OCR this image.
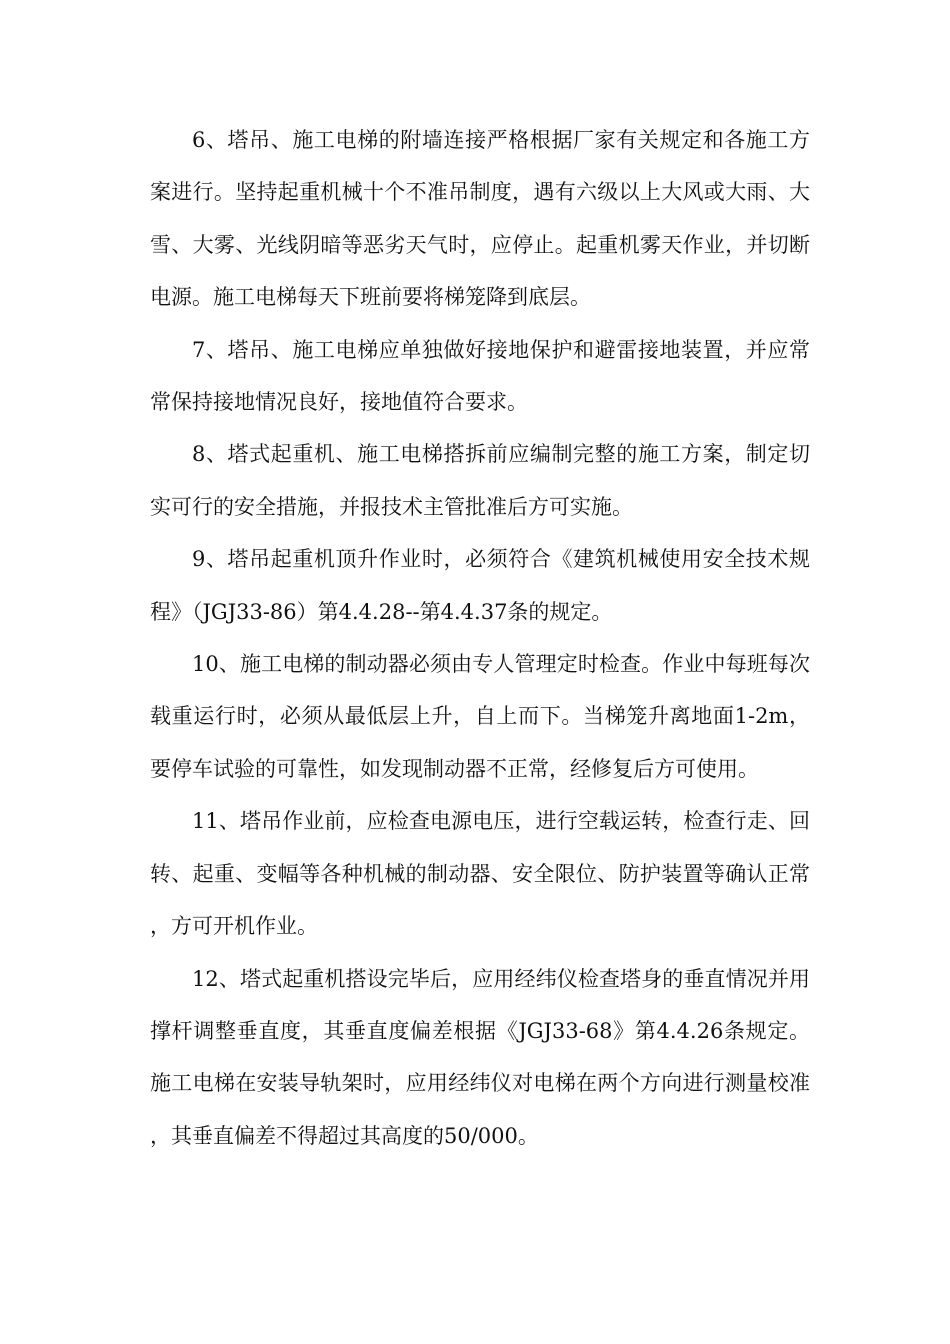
6、塔吊、施工电梯的附墙连接严格根据厂家有关规定和各施工方案进行。坚持起重机械十个不准吊制度，遇有六级以上大风或大雨、大雪、大雾、光线阴暗等恶劣天气时，应停止。起重机雾天作业，并切断电源。施工电梯每天下班前要将梯笼降到底层。

7、塔吊、施工电梯应单独做好接地保护和避雷接地装置，并应常常保持接地情况良好，接地值符合要求。

8、塔式起重机、施工电梯搭拆前应编制完整的施工方案，制定切实可行的安全措施，并报技术主管批准后方可实施。

9、塔吊起重机顶升作业时，必须符合《建筑机械使用安全技术规程》（JGJ33-86）第4.4.28--第4.4.37条的规定。

10、施工电梯的制动器必须由专人管理定时检查。作业中每班每次载重运行时，必须从最低层上升，自上而下。当梯笼升离地面1-2m，要停车试验的可靠性，如发现制动器不正常，经修复后方可使用。

11、塔吊作业前，应检查电源电压，进行空载运转，检查行走、回转、起重、变幅等各种机械的制动器、安全限位、防护装置等确认正常，方可开机作业。

12、塔式起重机搭设完毕后，应用经纬仪检查塔身的垂直情况并用撑杆调整垂直度，其垂直度偏差根据《JGJ33-68》第4.4.26条规定。施工电梯在安装导轨架时，应用经纬仪对电梯在两个方向进行测量校准，其垂直偏差不得超过其高度的50/000。
